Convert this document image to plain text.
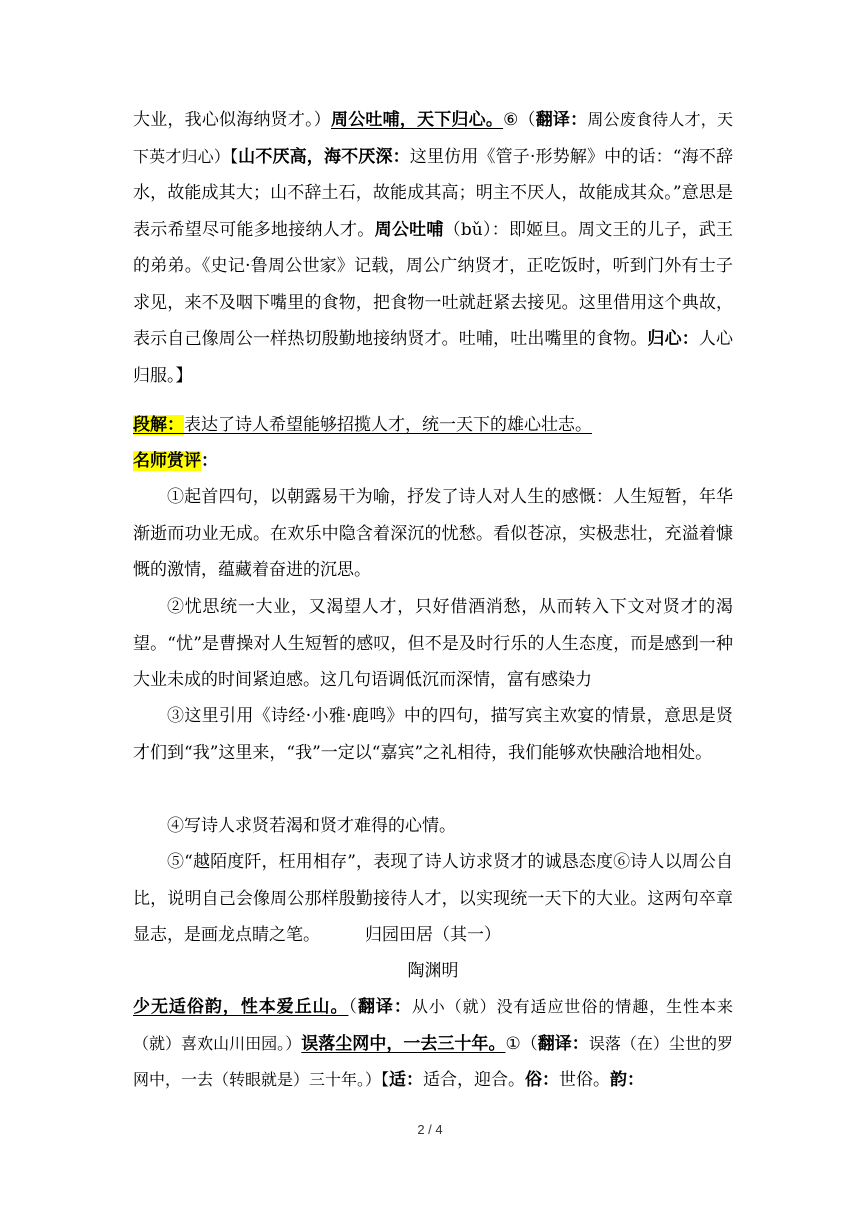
大业，我心似海纳贤才。）周公吐哺，天下归心。⑥（翻译：周公废食待人才，天下英才归心）【山不厌高，海不厌深：这里仿用《管子·形势解》中的话：“海不辞水，故能成其大；山不辞土石，故能成其高；明主不厌人，故能成其众。”意思是表示希望尽可能多地接纳人才。周公吐哺（bǔ）：即姬旦。周文王的儿子，武王的弟弟。《史记·鲁周公世家》记载，周公广纳贤才，正吃饭时，听到门外有士子求见，来不及咽下嘴里的食物，把食物一吐就赶紧去接见。这里借用这个典故，表示自己像周公一样热切殷勤地接纳贤才。吐哺，吐出嘴里的食物。归心：人心归服。】
段解：表达了诗人希望能够招揽人才，统一天下的雄心壮志。
名师赏评：
①起首四句，以朝露易干为喻，抒发了诗人对人生的感慨：人生短暂，年华渐逝而功业无成。在欢乐中隐含着深沉的忧愁。看似苍凉，实极悲壮，充溢着慷慨的激情，蕴藏着奋进的沉思。
②忧思统一大业，又渴望人才，只好借酒消愁，从而转入下文对贤才的渴望。“忧”是曹操对人生短暂的感叹，但不是及时行乐的人生态度，而是感到一种大业未成的时间紧迫感。这几句语调低沉而深情，富有感染力
③这里引用《诗经·小雅·鹿鸣》中的四句，描写宾主欢宴的情景，意思是贤才们到“我”这里来，“我”一定以“嘉宾”之礼相待，我们能够欢快融洽地相处。
④写诗人求贤若渴和贤才难得的心情。
⑤“越陌度阡，枉用相存”，表现了诗人访求贤才的诚恳态度⑥诗人以周公自比，说明自己会像周公那样殷勤接待人才，以实现统一天下的大业。这两句卒章显志，是画龙点睛之笔。	归园田居（其一）
陶渊明
少无适俗韵，性本爱丘山。（翻译：从小（就）没有适应世俗的情趣，生性本来（就）喜欢山川田园。）误落尘网中，一去三十年。①（翻译：误落（在）尘世的罗网中，一去（转眼就是）三十年。）【适：适合，迎合。俗：世俗。韵：
2 / 4
